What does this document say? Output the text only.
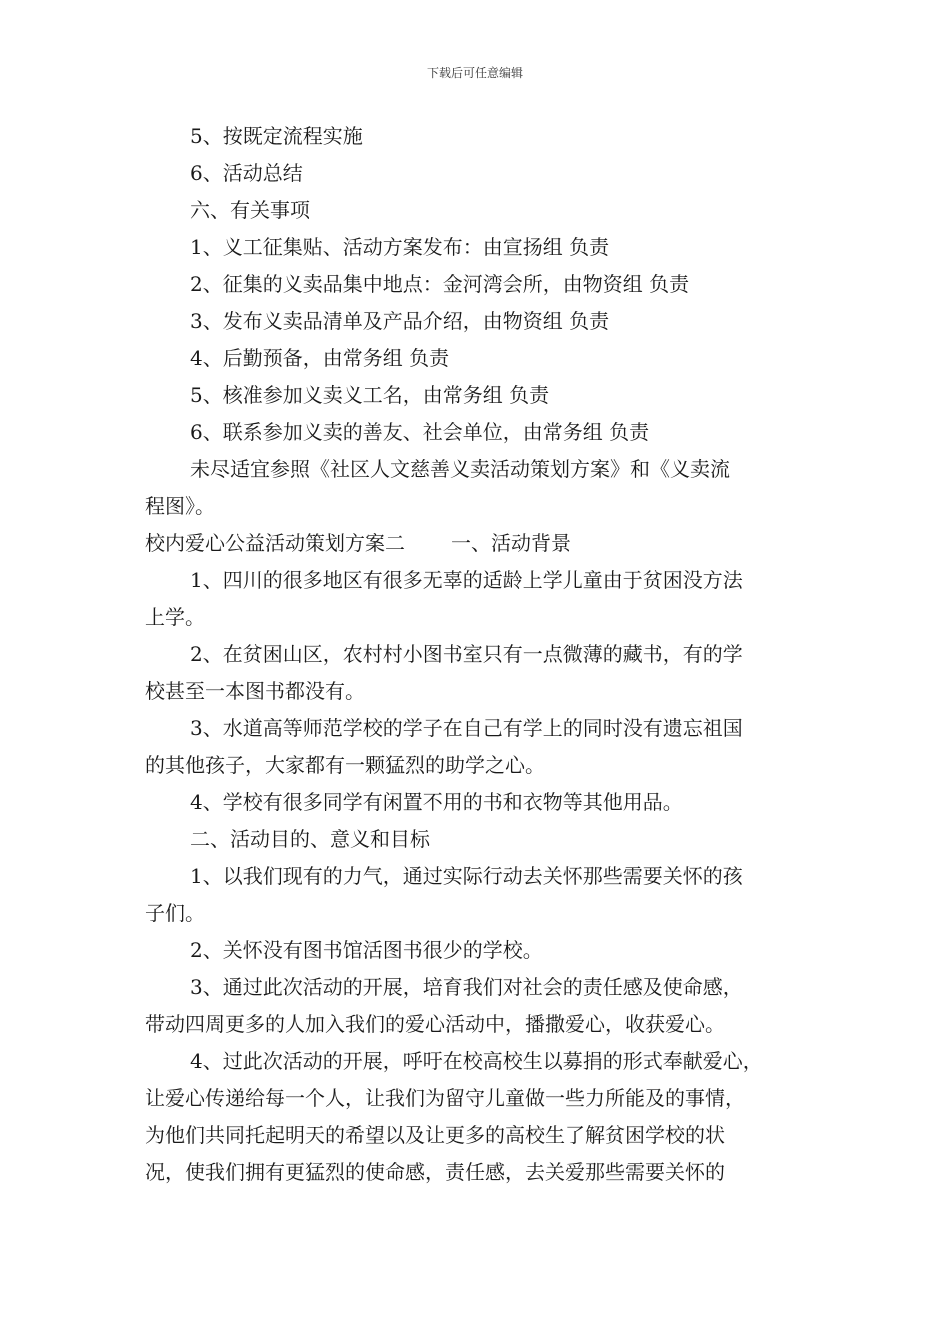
下载后可任意编辑

5、按既定流程实施

6、活动总结

六、有关事项

1、义工征集贴、活动方案发布：由宣扬组 负责

2、征集的义卖品集中地点：金河湾会所，由物资组 负责

3、发布义卖品清单及产品介绍，由物资组 负责

4、后勤预备，由常务组 负责

5、核准参加义卖义工名，由常务组 负责

6、联系参加义卖的善友、社会单位，由常务组 负责

未尽适宜参照《社区人文慈善义卖活动策划方案》和《义卖流

程图》。

校内爱心公益活动策划方案二 一、活动背景

1、四川的很多地区有很多无辜的适龄上学儿童由于贫困没方法

上学。

2、在贫困山区，农村村小图书室只有一点微薄的藏书，有的学

校甚至一本图书都没有。

3、水道高等师范学校的学子在自己有学上的同时没有遗忘祖国

的其他孩子，大家都有一颗猛烈的助学之心。

4、学校有很多同学有闲置不用的书和衣物等其他用品。

二、活动目的、意义和目标

1、以我们现有的力气，通过实际行动去关怀那些需要关怀的孩

子们。

2、关怀没有图书馆活图书很少的学校。

3、通过此次活动的开展，培育我们对社会的责任感及使命感，

带动四周更多的人加入我们的爱心活动中，播撒爱心，收获爱心。

4、过此次活动的开展，呼吁在校高校生以募捐的形式奉献爱心，

让爱心传递给每一个人，让我们为留守儿童做一些力所能及的事情，

为他们共同托起明天的希望以及让更多的高校生了解贫困学校的状

况，使我们拥有更猛烈的使命感，责任感，去关爱那些需要关怀的
